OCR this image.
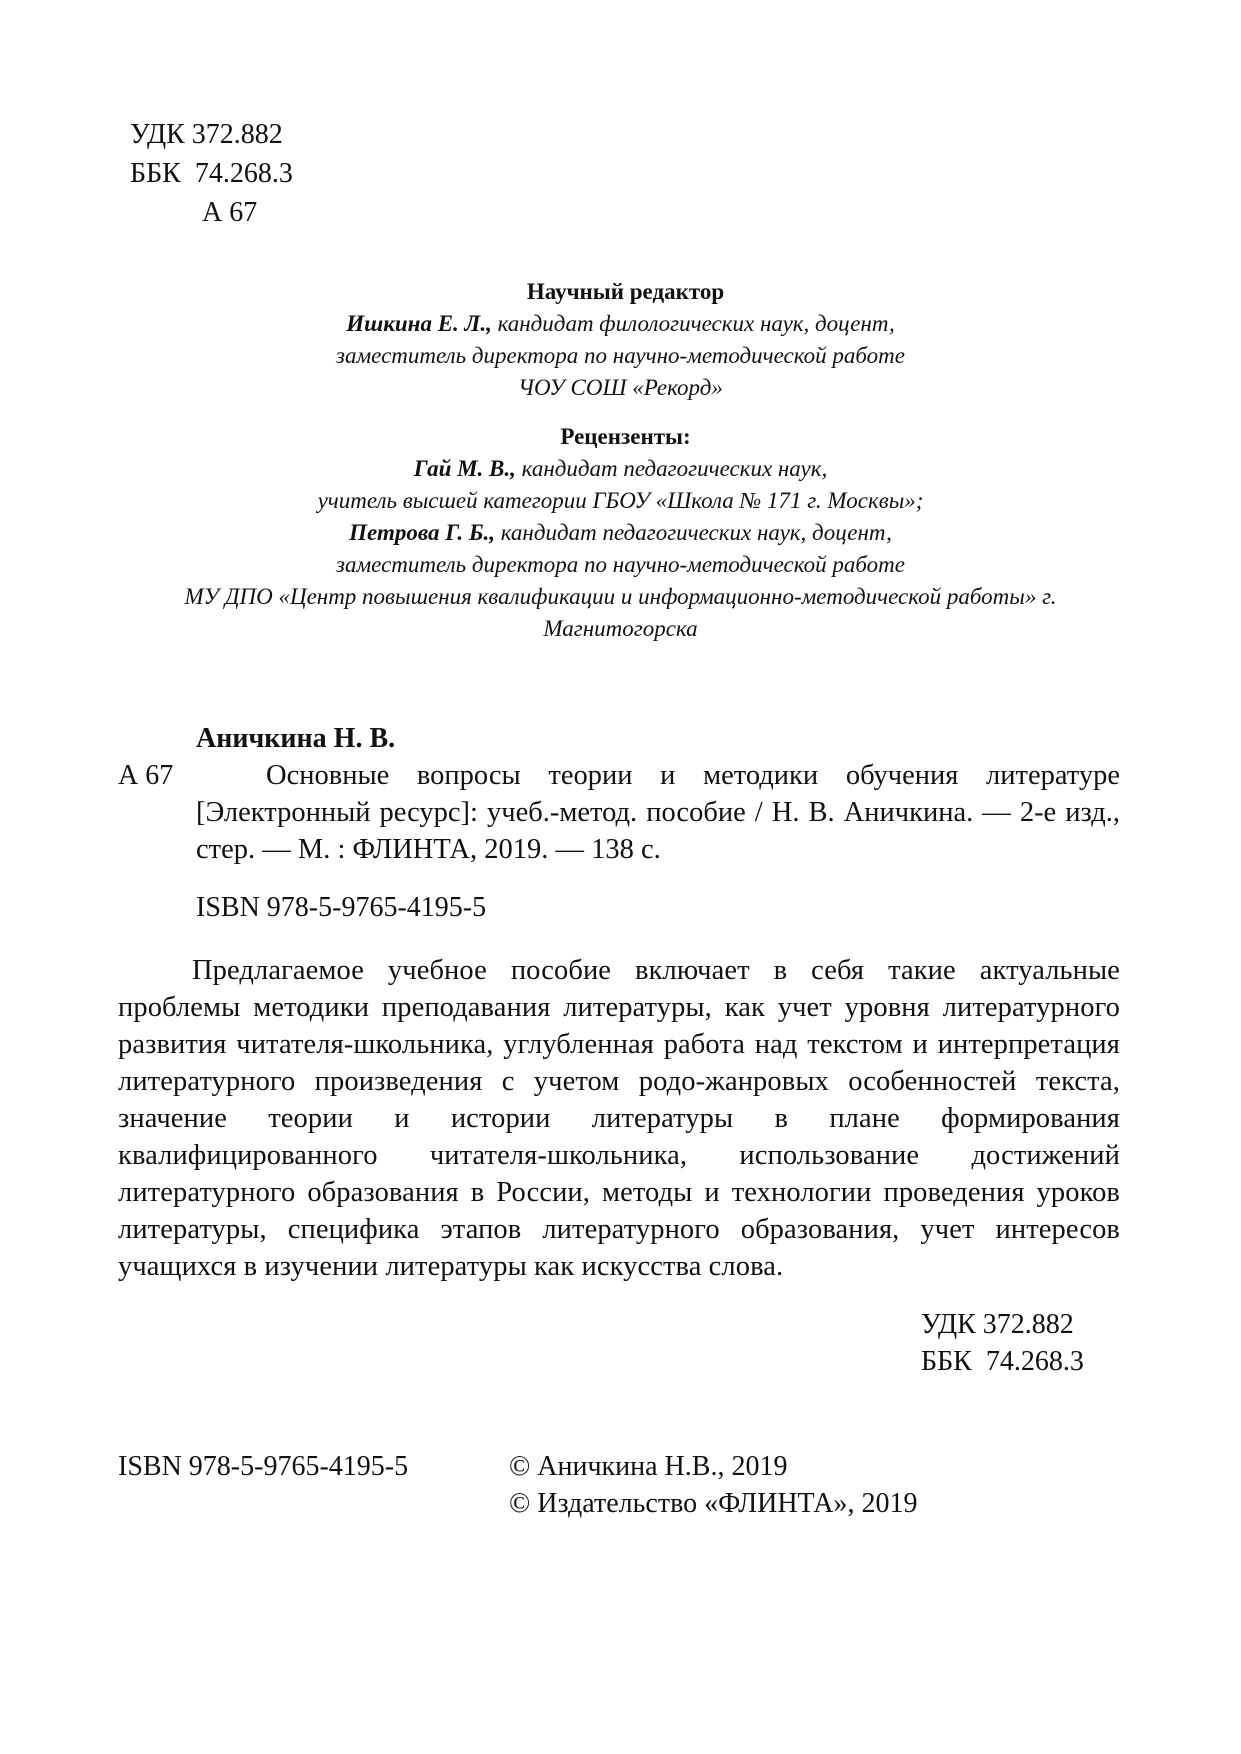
УДК 372.882
ББК  74.268.3
А 67
Научный редактор
Ишкина Е. Л., кандидат филологических наук, доцент,
заместитель директора по научно-методической работе
ЧОУ СОШ «Рекорд»
Рецензенты:
Гай М. В., кандидат педагогических наук,
учитель высшей категории ГБОУ «Школа № 171 г. Москвы»;
Петрова Г. Б., кандидат педагогических наук, доцент,
заместитель директора по научно-методической работе
МУ ДПО «Центр повышения квалификации и информационно-методической работы» г.
Магнитогорска
Аничкина Н. В.
А 67	Основные вопросы теории и методики обучения литературе [Электронный ресурс]: учеб.-метод. пособие / Н. В. Аничкина. — 2-е изд., стер. — М. : ФЛИНТА, 2019. — 138 с.
ISBN 978-5-9765-4195-5
Предлагаемое учебное пособие включает в себя такие актуальные проблемы методики преподавания литературы, как учет уровня литературного развития читателя-школьника, углубленная работа над текстом и интерпретация литературного произведения с учетом родо-жанровых особенностей текста, значение теории и истории литературы в плане формирования квалифицированного читателя-школьника, использование достижений литературного образования в России, методы и технологии проведения уроков литературы, специфика этапов литературного образования, учет интересов учащихся в изучении литературы как искусства слова.
УДК 372.882
ББК  74.268.3
ISBN 978-5-9765-4195-5	© Аничкина Н.В., 2019
© Издательство «ФЛИНТА», 2019
